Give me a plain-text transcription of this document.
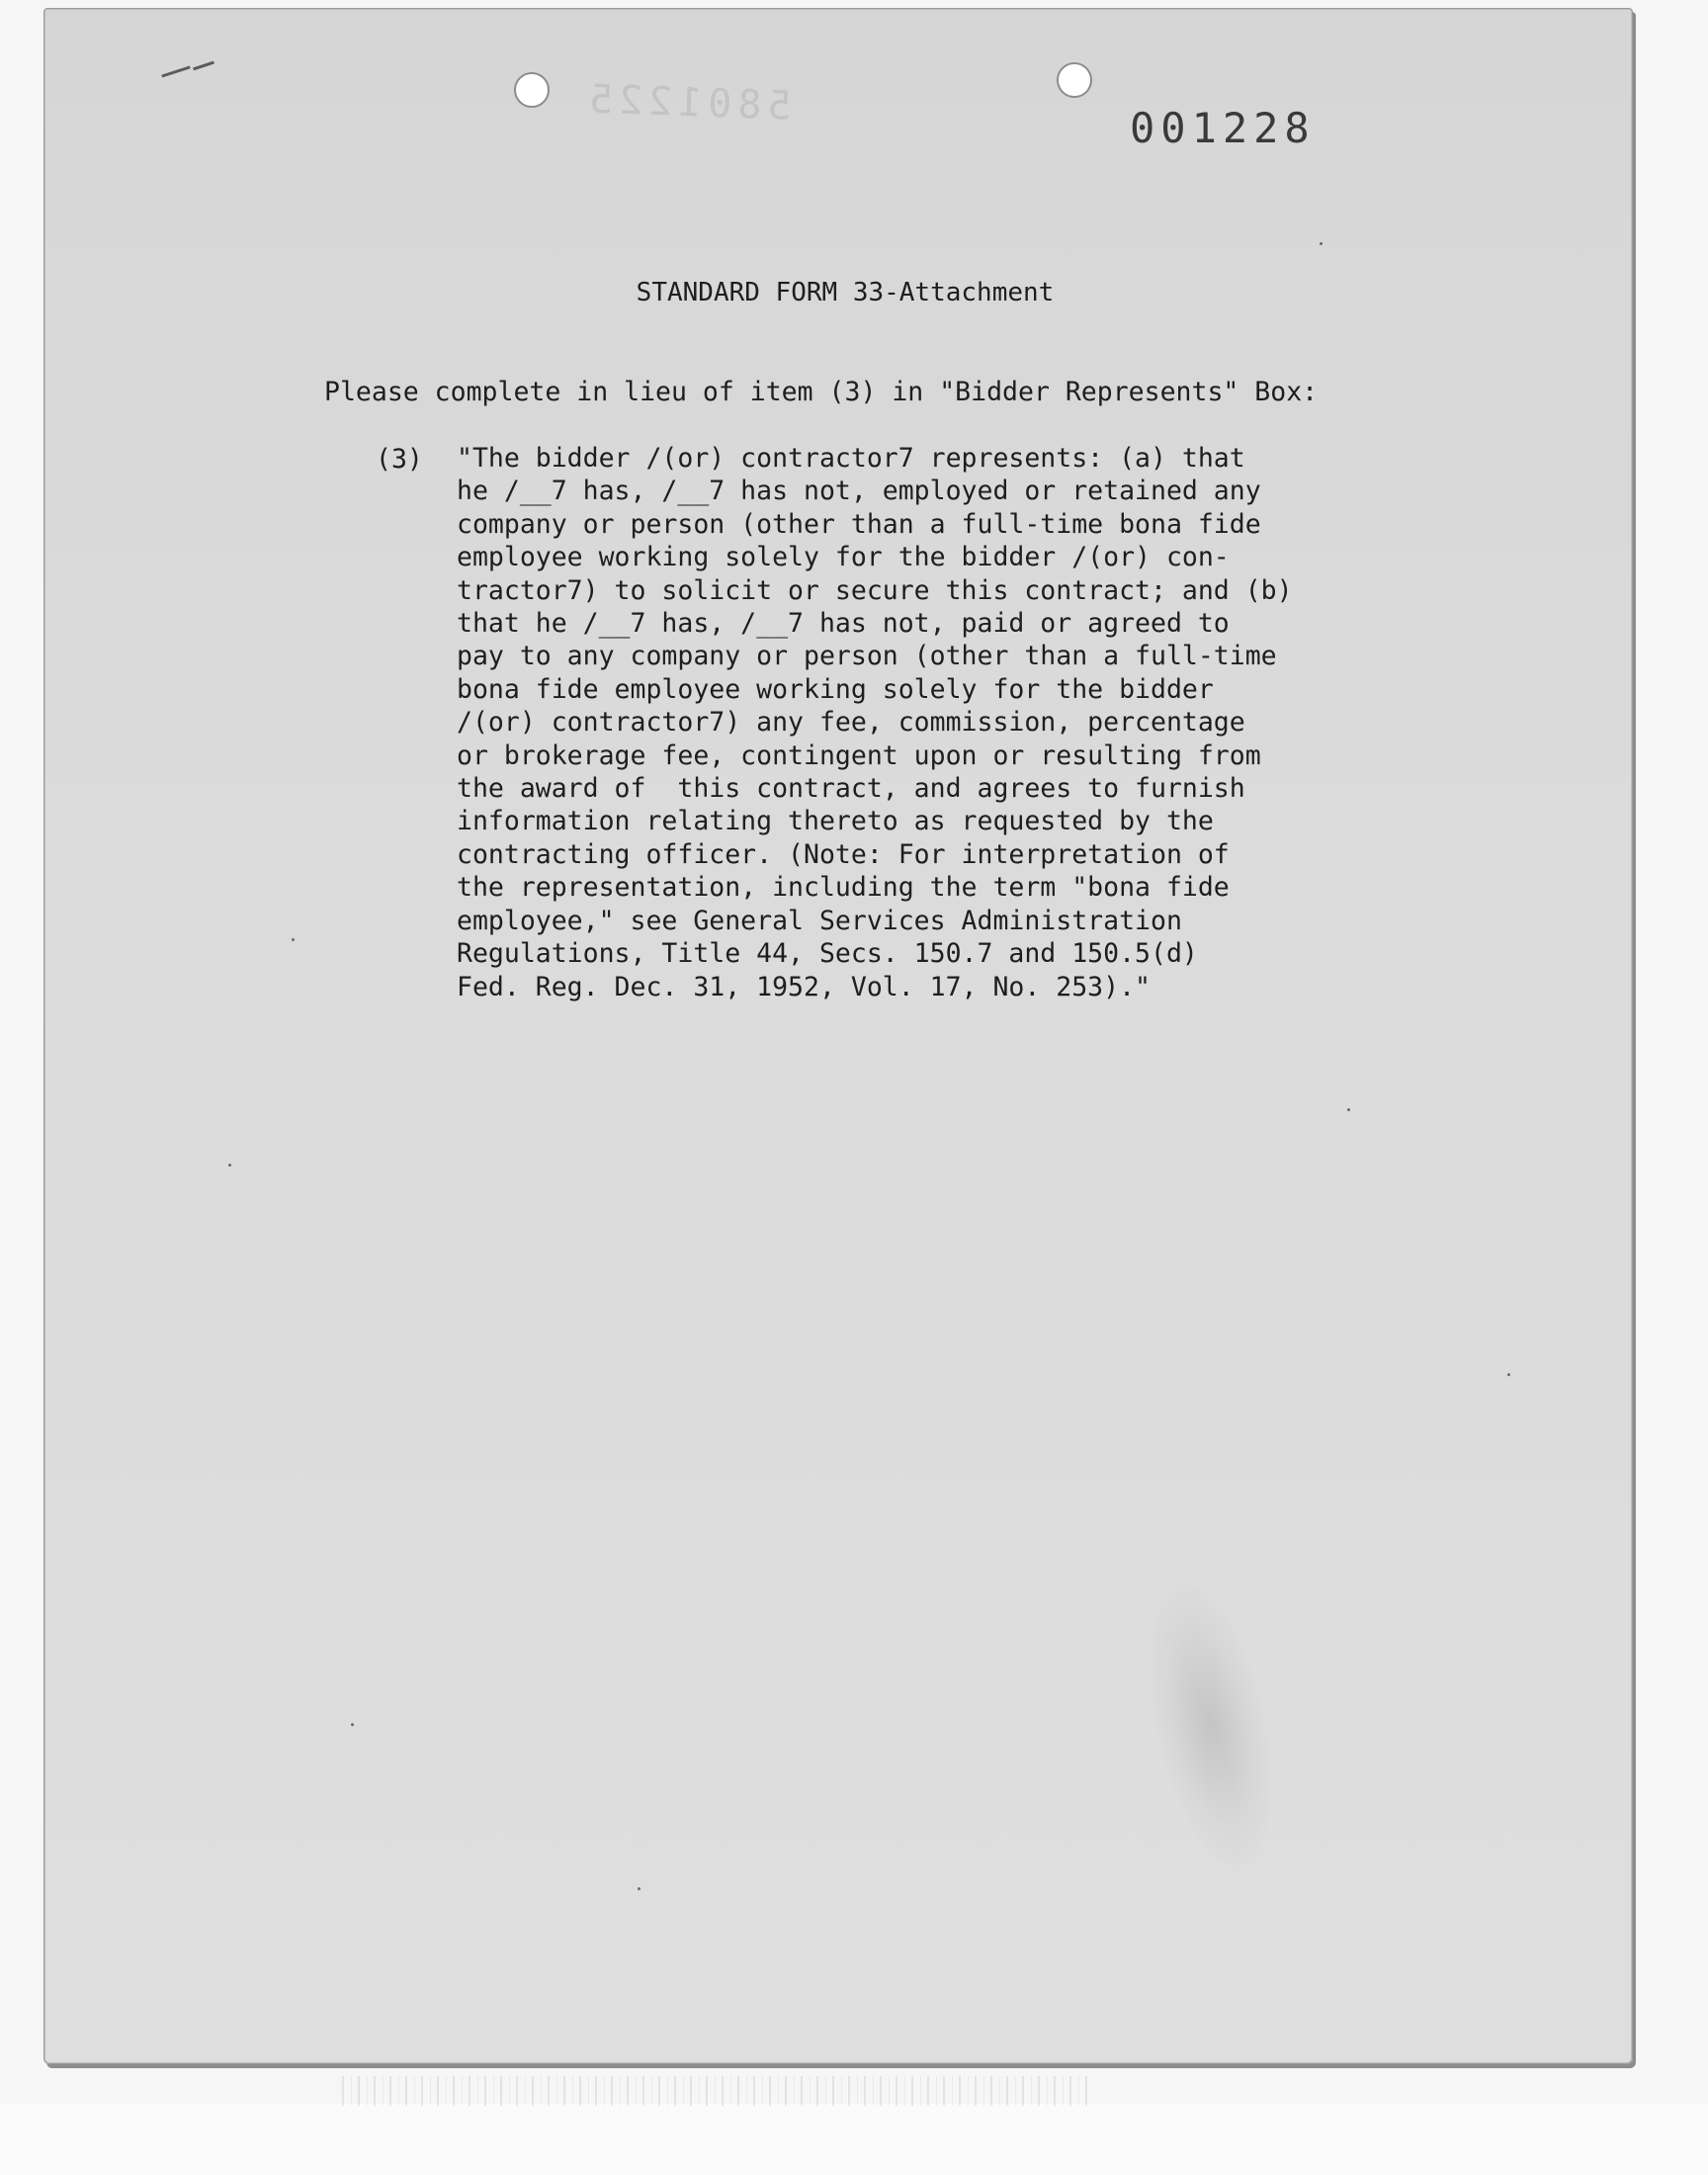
5801225	001228
STANDARD FORM 33-Attachment
Please complete in lieu of item (3) in "Bidder Represents" Box:
(3) "The bidder /(or) contractor7 represents: (a) that
he /__7 has, /__7 has not, employed or retained any
company or person (other than a full-time bona fide
employee working solely for the bidder /(or) con-
tractor7) to solicit or secure this contract; and (b)
that he /__7 has, /__7 has not, paid or agreed to
pay to any company or person (other than a full-time
bona fide employee working solely for the bidder
/(or) contractor7) any fee, commission, percentage
or brokerage fee, contingent upon or resulting from
the award of  this contract, and agrees to furnish
information relating thereto as requested by the
contracting officer. (Note: For interpretation of
the representation, including the term "bona fide
employee," see General Services Administration
Regulations, Title 44, Secs. 150.7 and 150.5(d)
Fed. Reg. Dec. 31, 1952, Vol. 17, No. 253)."
